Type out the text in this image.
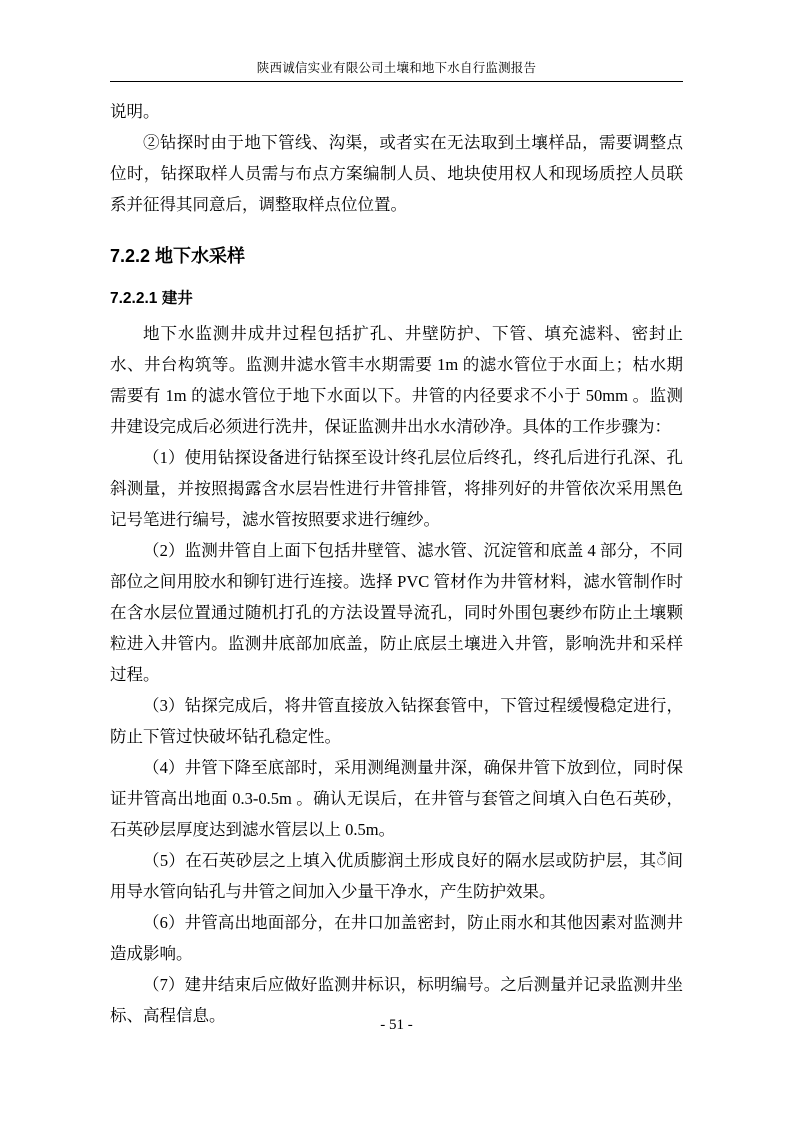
陕西诚信实业有限公司土壤和地下水自行监测报告

说明。

②钻探时由于地下管线、沟渠，或者实在无法取到土壤样品，需要调整点位时，钻探取样人员需与布点方案编制人员、地块使用权人和现场质控人员联系并征得其同意后，调整取样点位位置。

7.2.2 地下水采样
7.2.2.1 建井

地下水监测井成井过程包括扩孔、井壁防护、下管、填充滤料、密封止水、井台构筑等。监测井滤水管丰水期需要 1m 的滤水管位于水面上；枯水期需要有 1m 的滤水管位于地下水面以下。井管的内径要求不小于 50mm 。监测井建设完成后必须进行洗井，保证监测井出水水清砂净。具体的工作步骤为：

（1）使用钻探设备进行钻探至设计终孔层位后终孔，终孔后进行孔深、孔斜测量，并按照揭露含水层岩性进行井管排管，将排列好的井管依次采用黑色记号笔进行编号，滤水管按照要求进行缠纱。

（2）监测井管自上面下包括井壁管、滤水管、沉淀管和底盖 4 部分，不同部位之间用胶水和铆钉进行连接。选择 PVC 管材作为井管材料，滤水管制作时在含水层位置通过随机打孔的方法设置导流孔，同时外围包裹纱布防止土壤颗粒进入井管内。监测井底部加底盖，防止底层土壤进入井管，影响洗井和采样过程。

（3）钻探完成后，将井管直接放入钻探套管中，下管过程缓慢稳定进行，防止下管过快破坏钻孔稳定性。

（4）井管下降至底部时，采用测绳测量井深，确保井管下放到位，同时保证井管高出地面 0.3-0.5m 。确认无误后，在井管与套管之间填入白色石英砂，石英砂层厚度达到滤水管层以上 0.5m。

（5）在石英砂层之上填入优质膨润土形成良好的隔水层或防护层，其ँ间用导水管向钻孔与井管之间加入少量干净水，产生防护效果。

（6）井管高出地面部分，在井口加盖密封，防止雨水和其他因素对监测井造成影响。

（7）建井结束后应做好监测井标识，标明编号。之后测量并记录监测井坐标、高程信息。	- 51 -
